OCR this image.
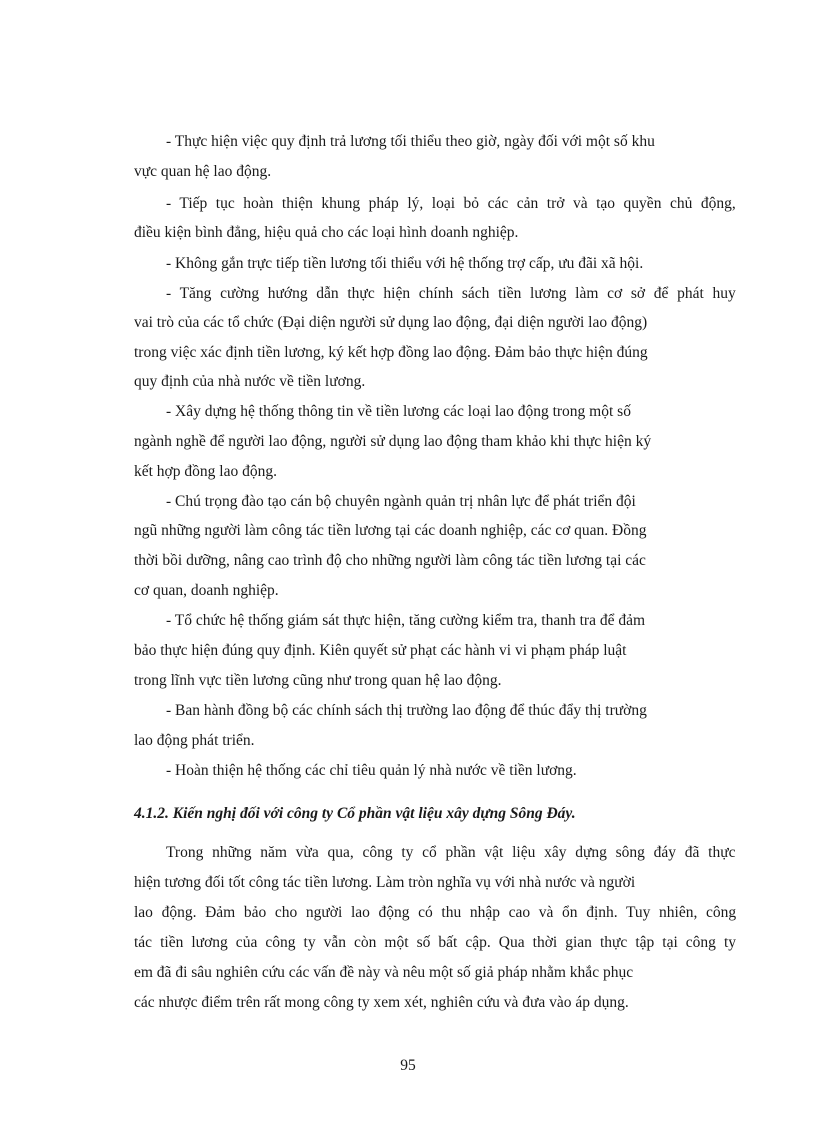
- Thực hiện việc quy định trả lương tối thiểu theo giờ, ngày đối với một số khu
vực quan hệ lao động.
- Tiếp tục hoàn thiện khung pháp lý, loại bỏ các cản trở và tạo quyền chủ động,
điều kiện bình đẳng, hiệu quả cho các loại hình doanh nghiệp.
- Không gắn trực tiếp tiền lương tối thiểu với hệ thống trợ cấp, ưu đãi xã hội.
- Tăng cường hướng dẫn thực hiện chính sách tiền lương làm cơ sở để phát huy
vai trò của các tổ chức (Đại diện người sử dụng lao động, đại diện người lao động)
trong việc xác định tiền lương, ký kết hợp đồng lao động. Đảm bảo thực hiện đúng
quy định của nhà nước về tiền lương.
- Xây dựng hệ thống thông tin về tiền lương các loại lao động trong một số
ngành nghề để người lao động, người sử dụng lao động tham khảo khi thực hiện ký
kết hợp đồng lao động.
- Chú trọng đào tạo cán bộ chuyên ngành quản trị nhân lực để phát triển đội
ngũ những người làm công tác tiền lương tại các doanh nghiệp, các cơ quan. Đồng
thời bồi dưỡng, nâng cao trình độ cho những người làm công tác tiền lương tại các
cơ quan, doanh nghiệp.
- Tổ chức hệ thống giám sát thực hiện, tăng cường kiểm tra, thanh tra để đảm
bảo thực hiện đúng quy định. Kiên quyết sử phạt các hành vi vi phạm pháp luật
trong lĩnh vực tiền lương cũng như trong quan hệ lao động.
- Ban hành đồng bộ các chính sách thị trường lao động để thúc đẩy thị trường
lao động phát triển.
- Hoàn thiện hệ thống các chỉ tiêu quản lý nhà nước về tiền lương.
4.1.2. Kiến nghị đối với công ty Cổ phần vật liệu xây dựng Sông Đáy.
Trong những năm vừa qua, công ty cổ phần vật liệu xây dựng sông đáy đã thực
hiện tương đối tốt công tác tiền lương. Làm tròn nghĩa vụ với nhà nước và người
lao động. Đảm bảo cho người lao động có thu nhập cao và ổn định. Tuy nhiên, công
tác tiền lương của công ty vẫn còn một số bất cập. Qua thời gian thực tập tại công ty
em đã đi sâu nghiên cứu các vấn đề này và nêu một số giả pháp nhằm khắc phục
các nhược điểm trên rất mong công ty xem xét, nghiên cứu và đưa vào áp dụng.
95
